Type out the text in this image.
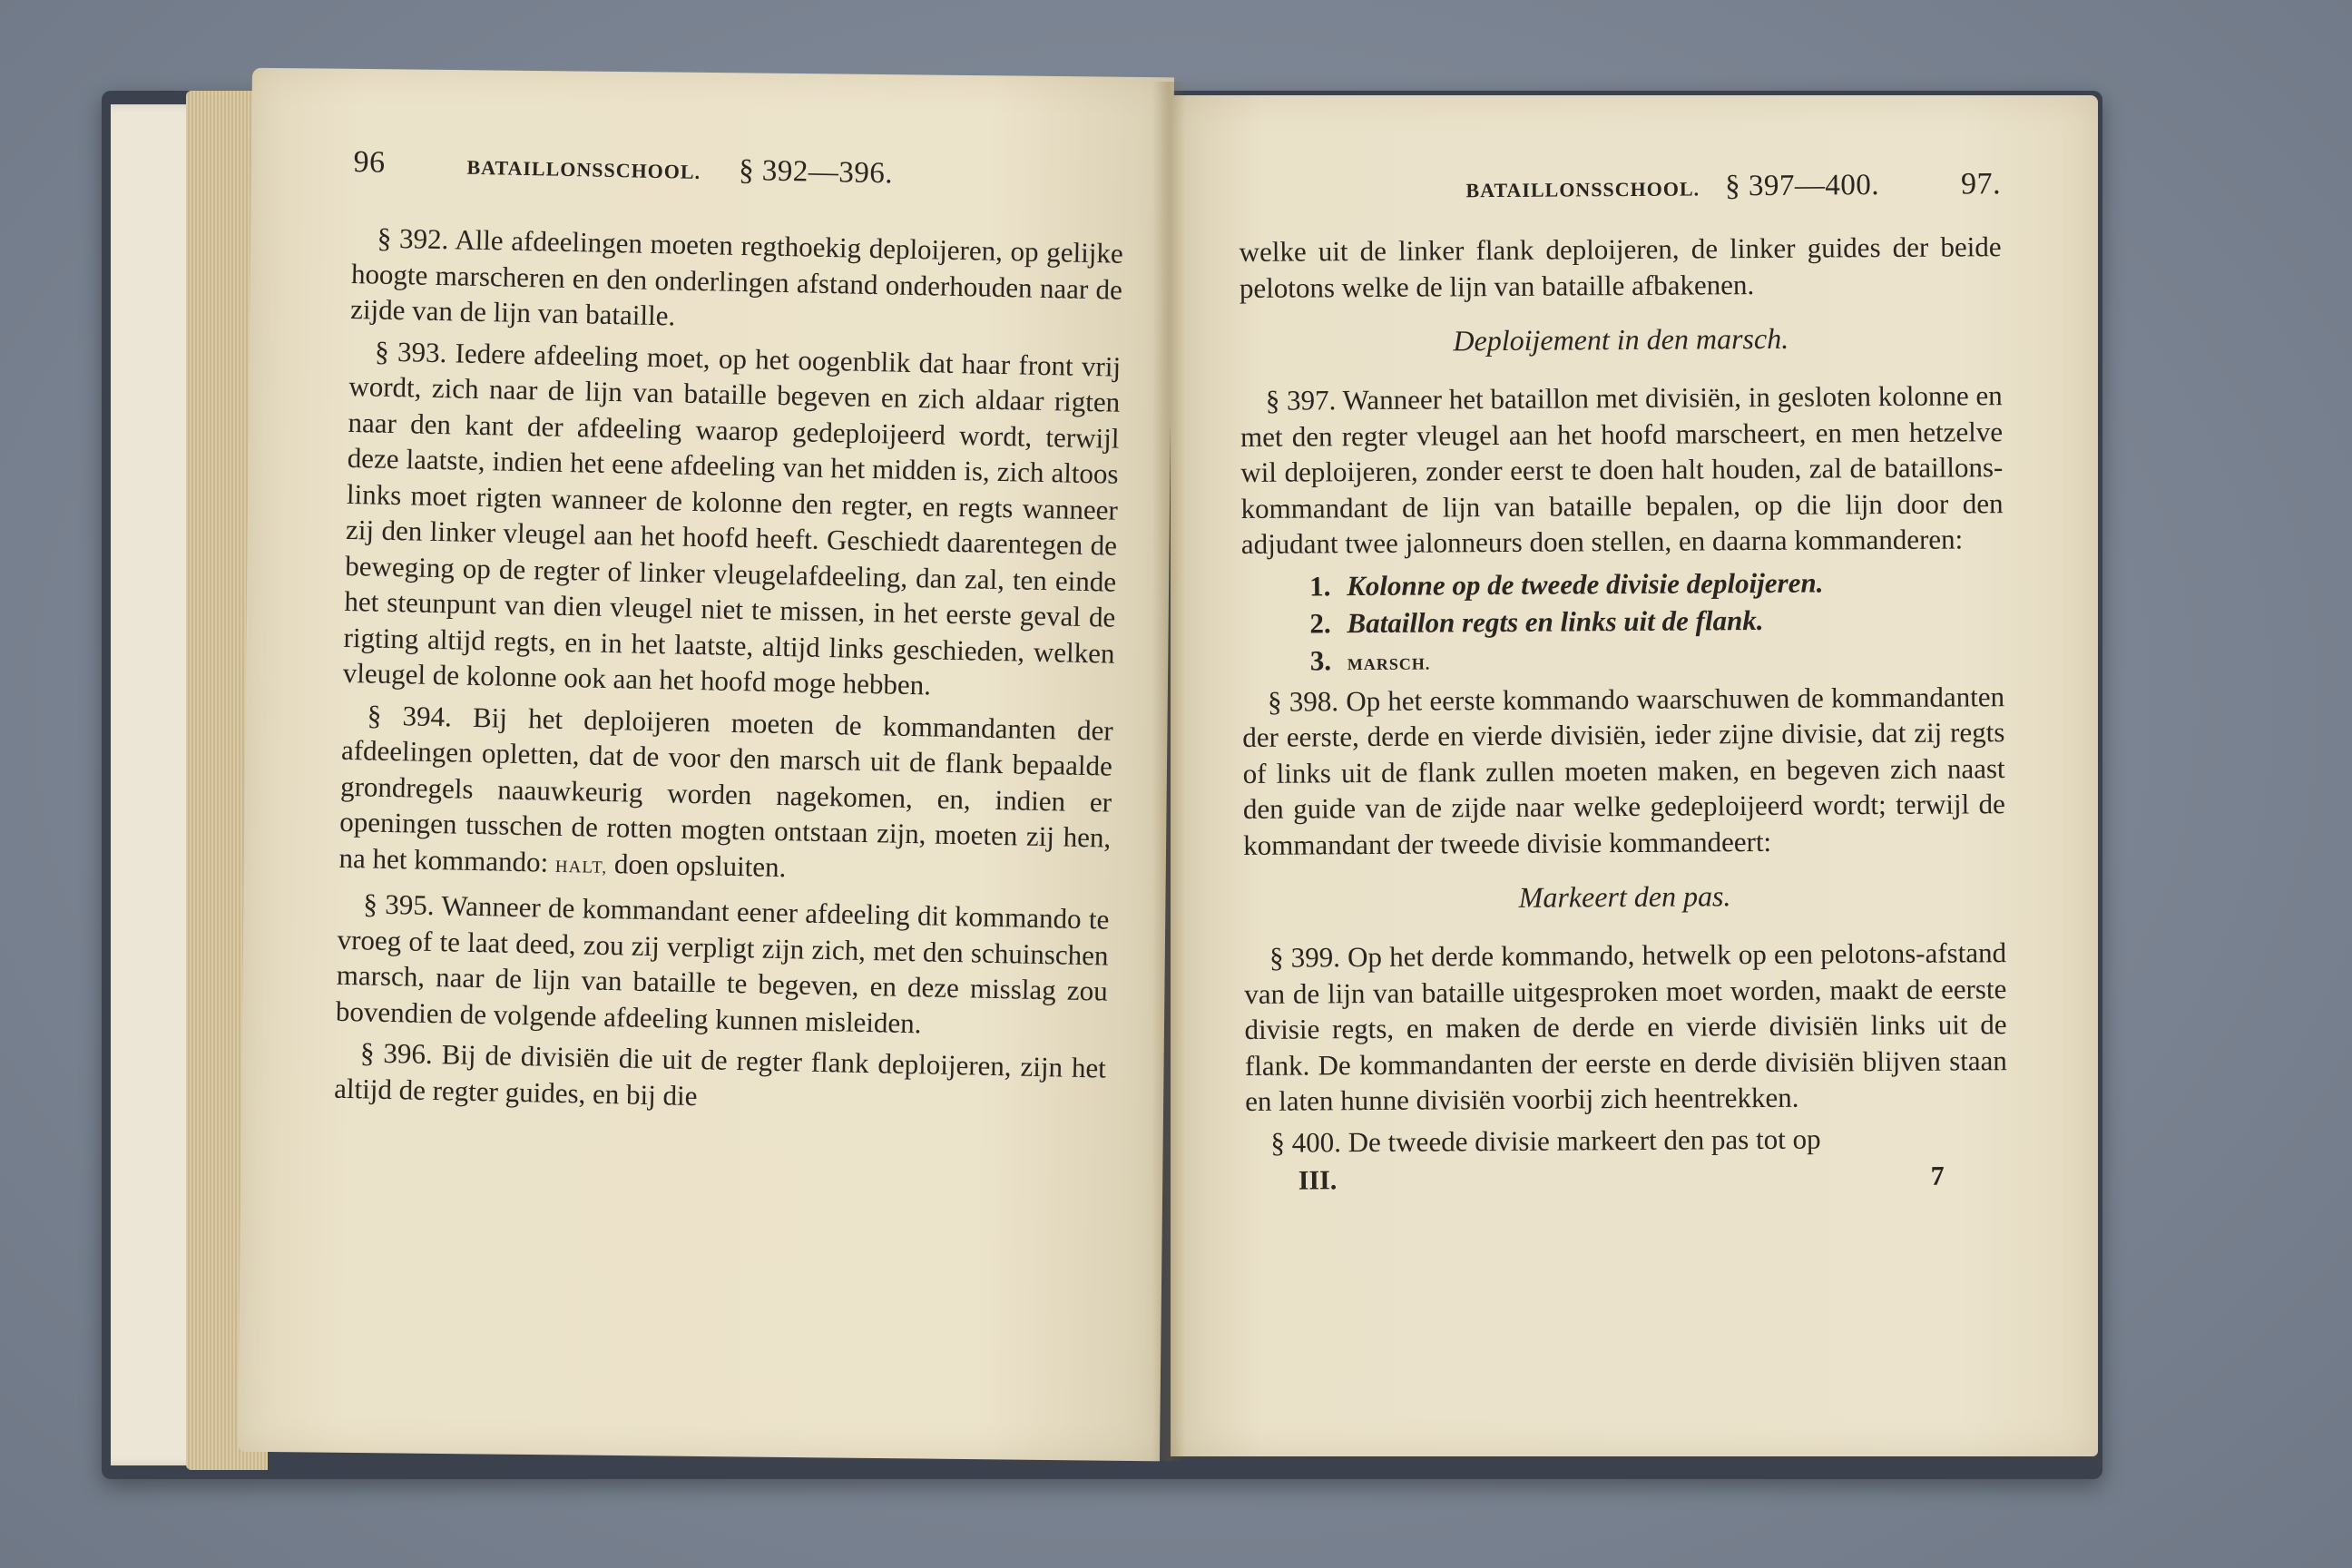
96	BATAILLONSSCHOOL. § 392—396.

§ 392. Alle afdeelingen moeten regthoekig deploijeren, op gelijke hoogte marscheren en den onderlingen afstand onderhouden naar de zijde van de lijn van bataille.

§ 393. Iedere afdeeling moet, op het oogenblik dat haar front vrij wordt, zich naar de lijn van bataille begeven en zich aldaar rigten naar den kant der afdeeling waarop gedeploijeerd wordt, terwijl deze laatste, indien het eene afdeeling van het midden is, zich altoos links moet rigten wanneer de kolonne den regter, en regts wanneer zij den linker vleugel aan het hoofd heeft. Geschiedt daarentegen de beweging op de regter of linker vleugelafdeeling, dan zal, ten einde het steunpunt van dien vleugel niet te missen, in het eerste geval de rigting altijd regts, en in het laatste, altijd links geschieden, welken vleugel de kolonne ook aan het hoofd moge hebben.

§ 394. Bij het deploijeren moeten de kommandanten der afdeelingen opletten, dat de voor den marsch uit de flank bepaalde grondregels naauwkeurig worden nagekomen, en, indien er openingen tusschen de rotten mogten ontstaan zijn, moeten zij hen, na het kommando: HALT, doen opsluiten.

§ 395. Wanneer de kommandant eener afdeeling dit kommando te vroeg of te laat deed, zou zij verpligt zijn zich, met den schuinschen marsch, naar de lijn van bataille te begeven, en deze misslag zou bovendien de volgende afdeeling kunnen misleiden.

§ 396. Bij de divisiën die uit de regter flank deploijeren, zijn het altijd de regter guides, en bij die

BATAILLONSSCHOOL. § 397—400.	97.

welke uit de linker flank deploijeren, de linker guides der beide pelotons welke de lijn van bataille afbakenen.

Deploijement in den marsch.

§ 397. Wanneer het bataillon met divisiën, in gesloten kolonne en met den regter vleugel aan het hoofd marscheert, en men hetzelve wil deploijeren, zonder eerst te doen halt houden, zal de bataillons-kommandant de lijn van bataille bepalen, op die lijn door den adjudant twee jalonneurs doen stellen, en daarna kommanderen:

1. Kolonne op de tweede divisie deploijeren.
2. Bataillon regts en links uit de flank.
3. MARSCH.

§ 398. Op het eerste kommando waarschuwen de kommandanten der eerste, derde en vierde divisiën, ieder zijne divisie, dat zij regts of links uit de flank zullen moeten maken, en begeven zich naast den guide van de zijde naar welke gedeploijeerd wordt; terwijl de kommandant der tweede divisie kommandeert:

Markeert den pas.

§ 399. Op het derde kommando, hetwelk op een pelotons-afstand van de lijn van bataille uitgesproken moet worden, maakt de eerste divisie regts, en maken de derde en vierde divisiën links uit de flank. De kommandanten der eerste en derde divisiën blijven staan en laten hunne divisiën voorbij zich heentrekken.

§ 400. De tweede divisie markeert den pas tot op

III.	7
